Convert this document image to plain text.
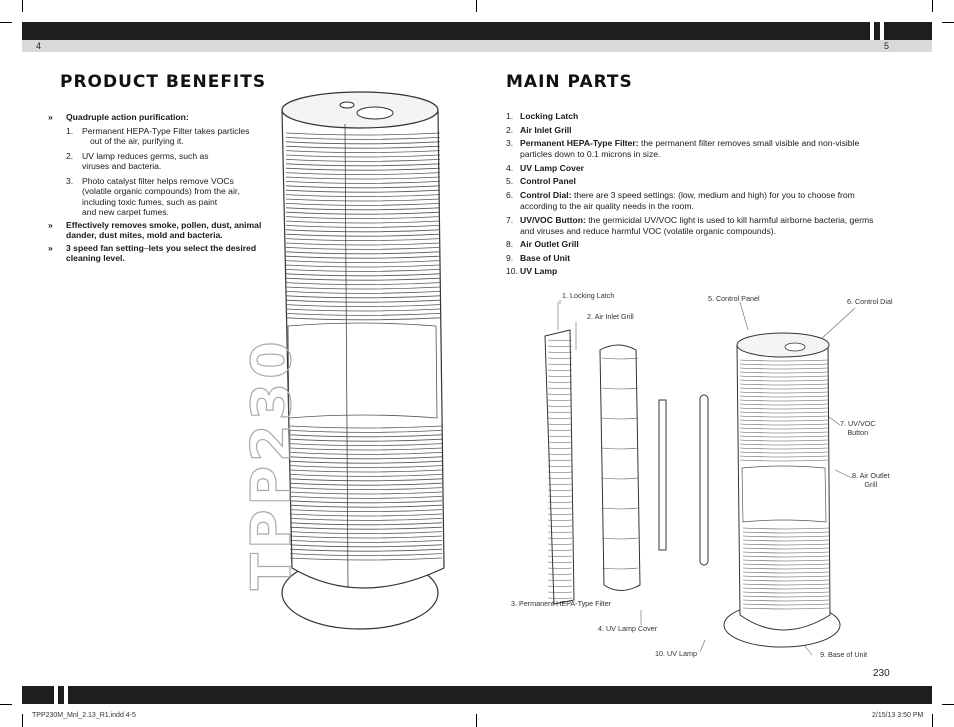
4	5
PRODUCT BENEFITS
» Quadruple action purification:
1. Permanent HEPA-Type Filter takes particles
out of the air, purifying it.
2. UV lamp reduces germs, such as
viruses and bacteria.
3. Photo catalyst filter helps remove VOCs
(volatile organic compounds) from the air,
including toxic fumes, such as paint
and new carpet fumes.
» Effectively removes smoke, pollen, dust, animal dander, dust mites, mold and bacteria.
» 3 speed fan setting–lets you select the desired cleaning level.
TPP230
MAIN PARTS
1. Locking Latch
2. Air Inlet Grill
3. Permanent HEPA-Type Filter: the permanent filter removes small visible and non-visible particles down to 0.1 microns in size.
4. UV Lamp Cover
5. Control Panel
6. Control Dial: there are 3 speed settings: (low, medium and high) for you to choose from according to the air quality needs in the room.
7. UV/VOC Button: the germicidal UV/VOC light is used to kill harmful airborne bacteria, germs and viruses and reduce harmful VOC (volatile organic compounds).
8. Air Outlet Grill
9. Base of Unit
10. UV Lamp
1. Locking Latch
2. Air Inlet Grill
3. Permanent HEPA-Type Filter
4. UV Lamp Cover
5. Control Panel	6. Control Dial
7. UV/VOC
Button
8. Air Outlet
Grill
9. Base of Unit
10. UV Lamp
230
TPP230M_Mnl_2.13_R1.indd 4-5	2/15/13 3:50 PM
